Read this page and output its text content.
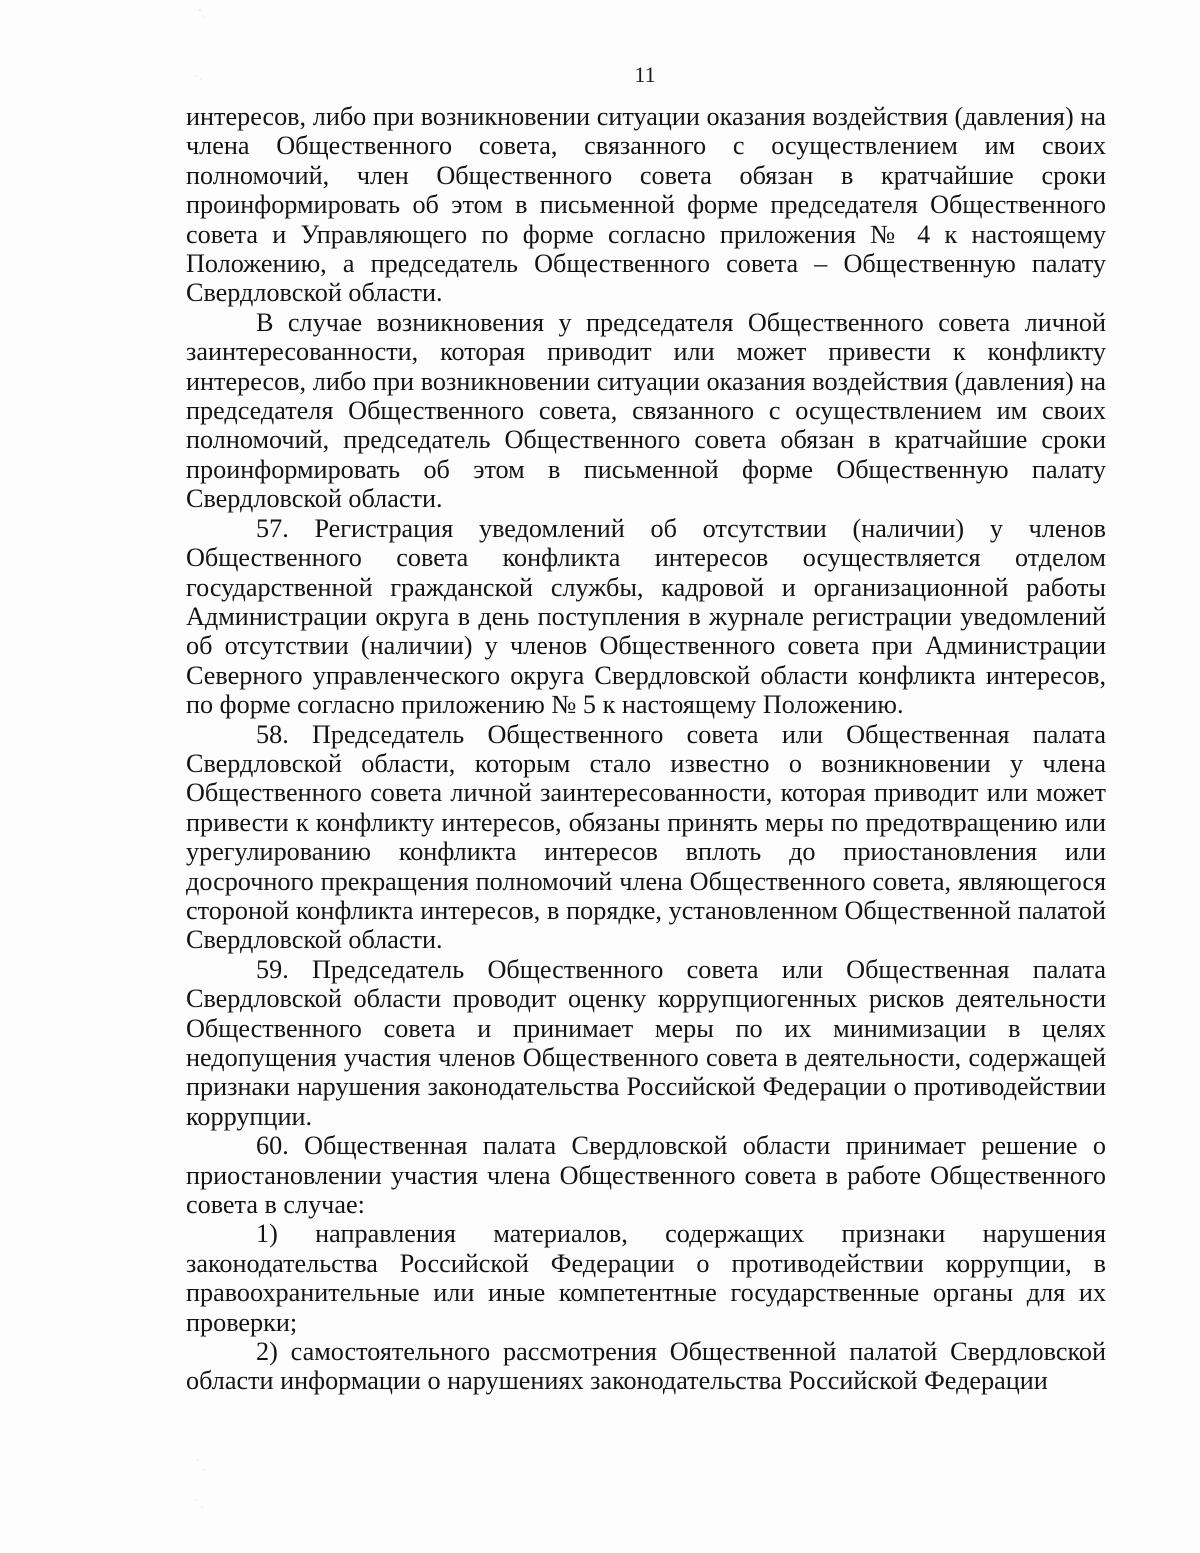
11

интересов, либо при возникновении ситуации оказания воздействия (давления) на члена Общественного совета, связанного с осуществлением им своих полномочий, член Общественного совета обязан в кратчайшие сроки проинформировать об этом в письменной форме председателя Общественного совета и Управляющего по форме согласно приложения № 4 к настоящему Положению, а председатель Общественного совета – Общественную палату Свердловской области.

В случае возникновения у председателя Общественного совета личной заинтересованности, которая приводит или может привести к конфликту интересов, либо при возникновении ситуации оказания воздействия (давления) на председателя Общественного совета, связанного с осуществлением им своих полномочий, председатель Общественного совета обязан в кратчайшие сроки проинформировать об этом в письменной форме Общественную палату Свердловской области.

57. Регистрация уведомлений об отсутствии (наличии) у членов Общественного совета конфликта интересов осуществляется отделом государственной гражданской службы, кадровой и организационной работы Администрации округа в день поступления в журнале регистрации уведомлений об отсутствии (наличии) у членов Общественного совета при Администрации Северного управленческого округа Свердловской области конфликта интересов, по форме согласно приложению № 5 к настоящему Положению.

58. Председатель Общественного совета или Общественная палата Свердловской области, которым стало известно о возникновении у члена Общественного совета личной заинтересованности, которая приводит или может привести к конфликту интересов, обязаны принять меры по предотвращению или урегулированию конфликта интересов вплоть до приостановления или досрочного прекращения полномочий члена Общественного совета, являющегося стороной конфликта интересов, в порядке, установленном Общественной палатой Свердловской области.

59. Председатель Общественного совета или Общественная палата Свердловской области проводит оценку коррупциогенных рисков деятельности Общественного совета и принимает меры по их минимизации в целях недопущения участия членов Общественного совета в деятельности, содержащей признаки нарушения законодательства Российской Федерации о противодействии коррупции.

60. Общественная палата Свердловской области принимает решение о приостановлении участия члена Общественного совета в работе Общественного совета в случае:

1) направления материалов, содержащих признаки нарушения законодательства Российской Федерации о противодействии коррупции, в правоохранительные или иные компетентные государственные органы для их проверки;

2) самостоятельного рассмотрения Общественной палатой Свердловской области информации о нарушениях законодательства Российской Федерации
